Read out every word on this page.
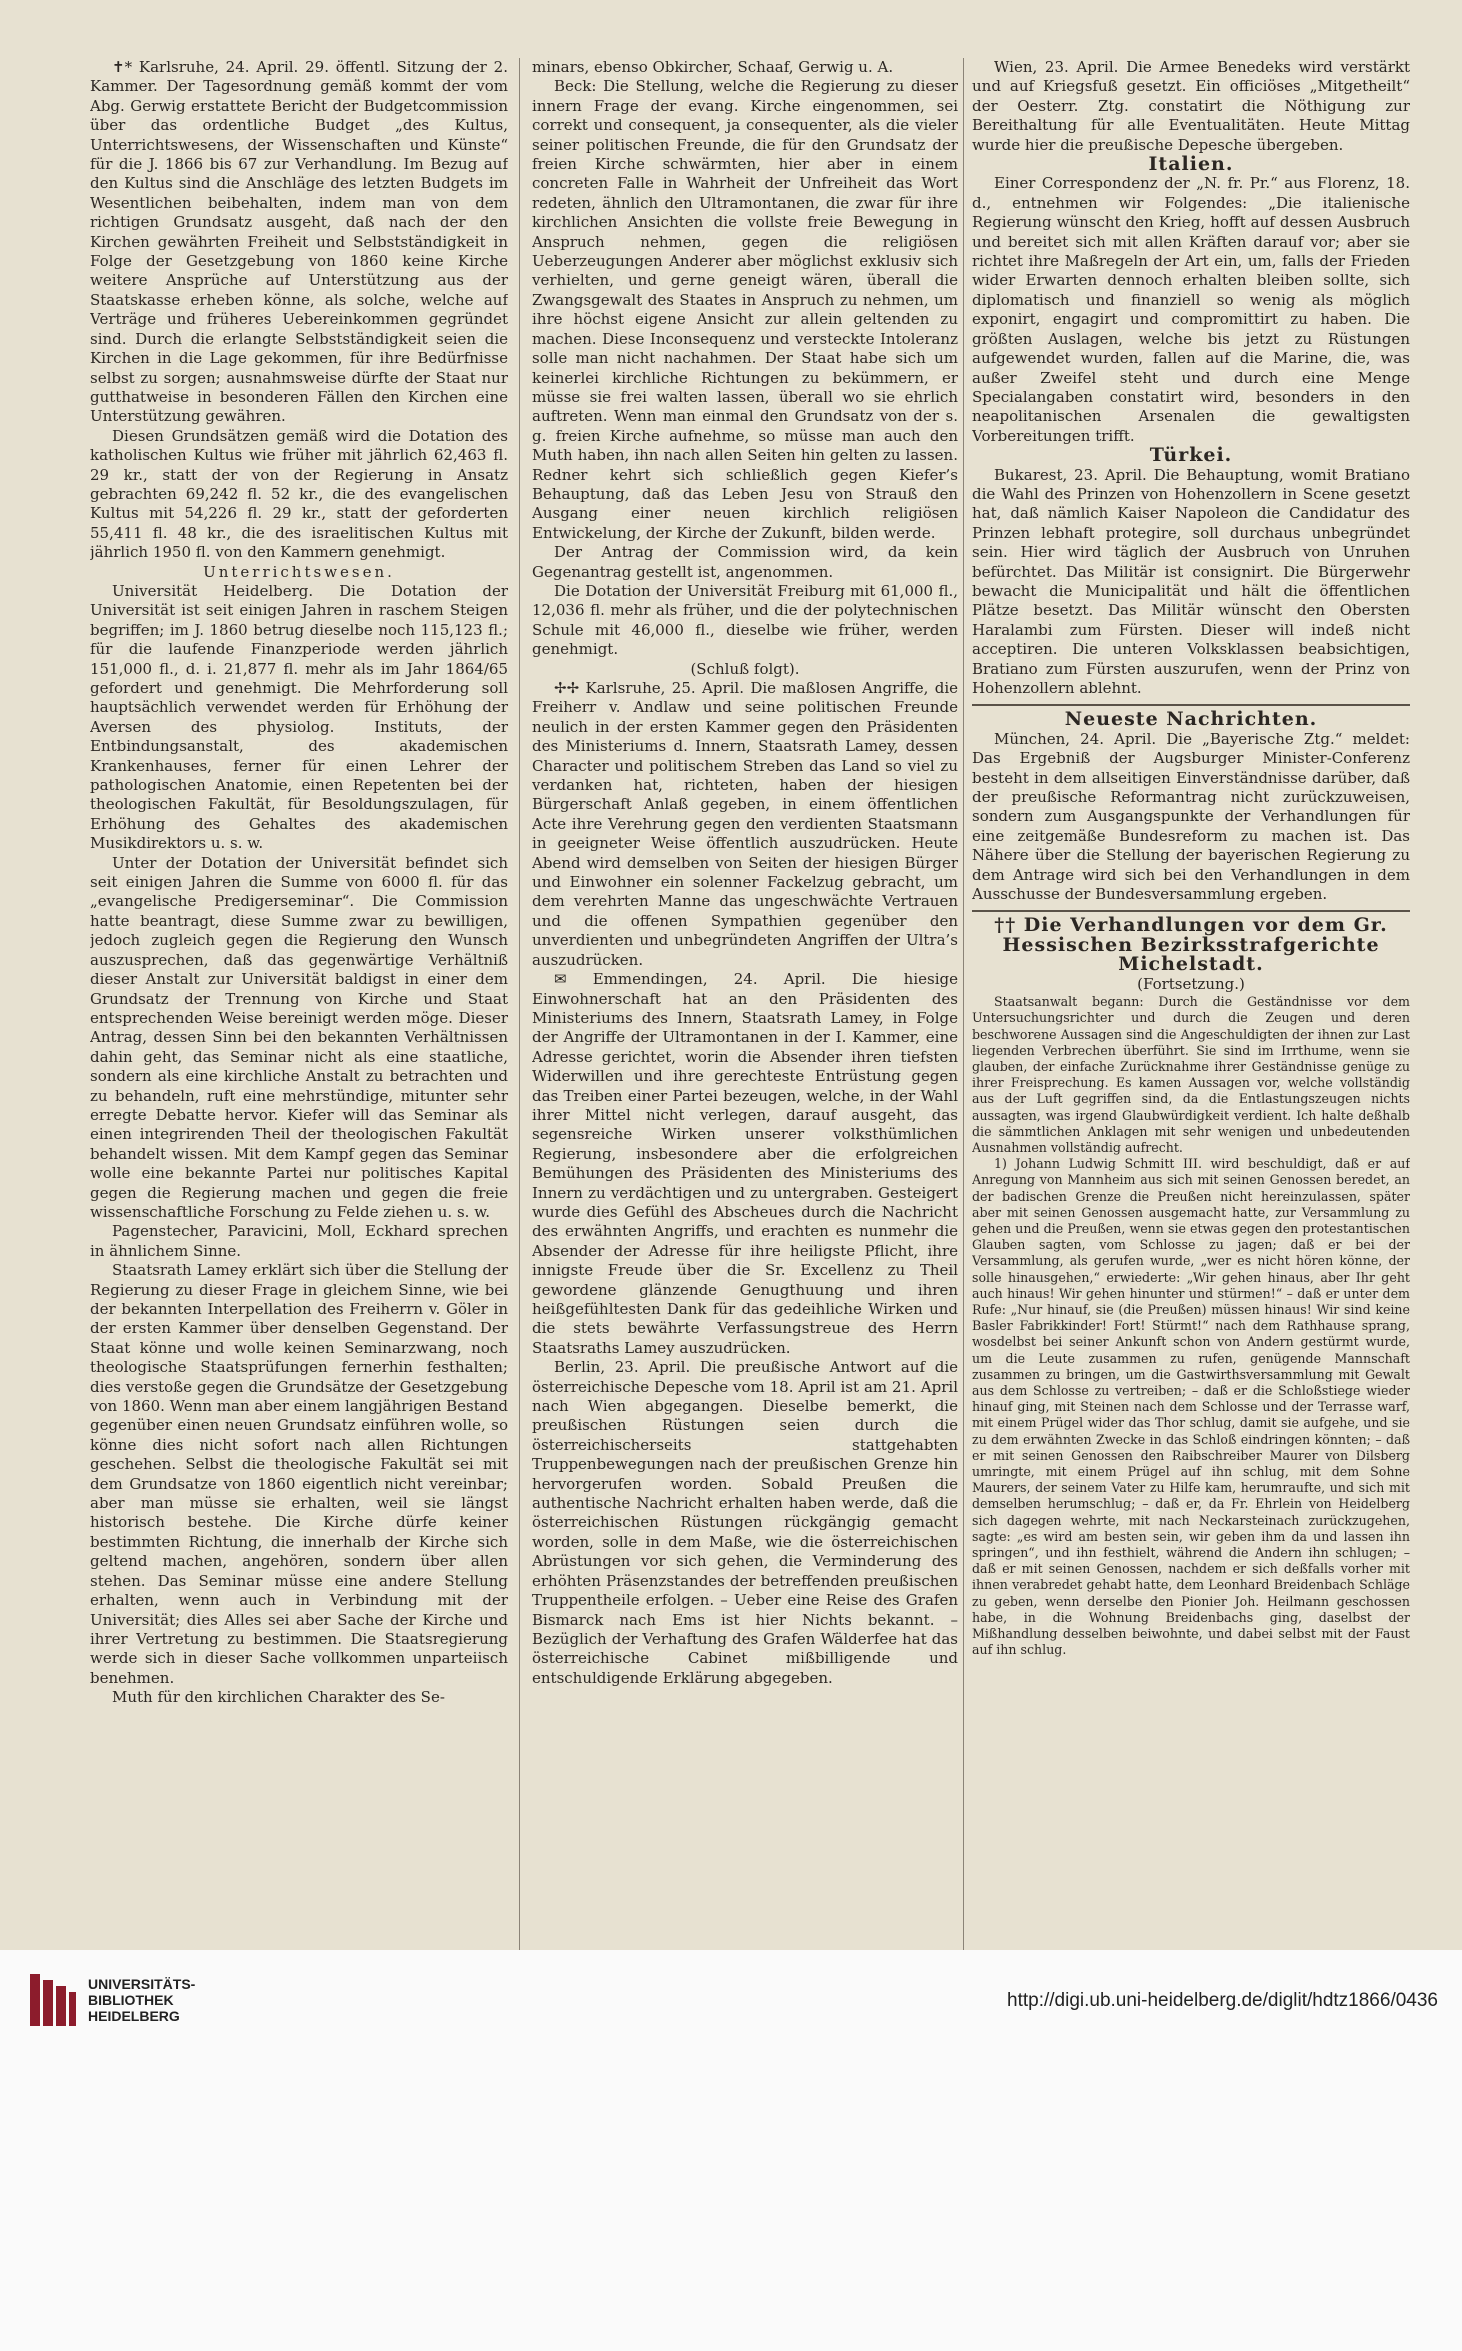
✝* Karlsruhe, 24. April. 29. öffentl. Sitzung der 2. Kammer. Der Tagesordnung gemäß kommt der vom Abg. Gerwig erstattete Bericht der Budgetcommission über das ordentliche Budget „des Kultus, Unterrichtswesens, der Wissenschaften und Künste“ für die J. 1866 bis 67 zur Verhandlung. Im Bezug auf den Kultus sind die Anschläge des letzten Budgets im Wesentlichen beibehalten, indem man von dem richtigen Grundsatz ausgeht, daß nach der den Kirchen gewährten Freiheit und Selbstständigkeit in Folge der Gesetzgebung von 1860 keine Kirche weitere Ansprüche auf Unterstützung aus der Staatskasse erheben könne, als solche, welche auf Verträge und früheres Uebereinkommen gegründet sind. Durch die erlangte Selbstständigkeit seien die Kirchen in die Lage gekommen, für ihre Bedürfnisse selbst zu sorgen; ausnahmsweise dürfte der Staat nur gutthatweise in besonderen Fällen den Kirchen eine Unterstützung gewähren.

Diesen Grundsätzen gemäß wird die Dotation des katholischen Kultus wie früher mit jährlich 62,463 fl. 29 kr., statt der von der Regierung in Ansatz gebrachten 69,242 fl. 52 kr., die des evangelischen Kultus mit 54,226 fl. 29 kr., statt der geforderten 55,411 fl. 48 kr., die des israelitischen Kultus mit jährlich 1950 fl. von den Kammern genehmigt.

Unterrichtswesen.

Universität Heidelberg. Die Dotation der Universität ist seit einigen Jahren in raschem Steigen begriffen; im J. 1860 betrug dieselbe noch 115,123 fl.; für die laufende Finanzperiode werden jährlich 151,000 fl., d. i. 21,877 fl. mehr als im Jahr 1864/65 gefordert und genehmigt. Die Mehrforderung soll hauptsächlich verwendet werden für Erhöhung der Aversen des physiolog. Instituts, der Entbindungsanstalt, des akademischen Krankenhauses, ferner für einen Lehrer der pathologischen Anatomie, einen Repetenten bei der theologischen Fakultät, für Besoldungszulagen, für Erhöhung des Gehaltes des akademischen Musikdirektors u. s. w.

Unter der Dotation der Universität befindet sich seit einigen Jahren die Summe von 6000 fl. für das „evangelische Predigerseminar“. Die Commission hatte beantragt, diese Summe zwar zu bewilligen, jedoch zugleich gegen die Regierung den Wunsch auszusprechen, daß das gegenwärtige Verhältniß dieser Anstalt zur Universität baldigst in einer dem Grundsatz der Trennung von Kirche und Staat entsprechenden Weise bereinigt werden möge. Dieser Antrag, dessen Sinn bei den bekannten Verhältnissen dahin geht, das Seminar nicht als eine staatliche, sondern als eine kirchliche Anstalt zu betrachten und zu behandeln, ruft eine mehrstündige, mitunter sehr erregte Debatte hervor. Kiefer will das Seminar als einen integrirenden Theil der theologischen Fakultät behandelt wissen. Mit dem Kampf gegen das Seminar wolle eine bekannte Partei nur politisches Kapital gegen die Regierung machen und gegen die freie wissenschaftliche Forschung zu Felde ziehen u. s. w.

Pagenstecher, Paravicini, Moll, Eckhard sprechen in ähnlichem Sinne.

Staatsrath Lamey erklärt sich über die Stellung der Regierung zu dieser Frage in gleichem Sinne, wie bei der bekannten Interpellation des Freiherrn v. Göler in der ersten Kammer über denselben Gegenstand. Der Staat könne und wolle keinen Seminarzwang, noch theologische Staatsprüfungen fernerhin festhalten; dies verstoße gegen die Grundsätze der Gesetzgebung von 1860. Wenn man aber einem langjährigen Bestand gegenüber einen neuen Grundsatz einführen wolle, so könne dies nicht sofort nach allen Richtungen geschehen. Selbst die theologische Fakultät sei mit dem Grundsatze von 1860 eigentlich nicht vereinbar; aber man müsse sie erhalten, weil sie längst historisch bestehe. Die Kirche dürfe keiner bestimmten Richtung, die innerhalb der Kirche sich geltend machen, angehören, sondern über allen stehen. Das Seminar müsse eine andere Stellung erhalten, wenn auch in Verbindung mit der Universität; dies Alles sei aber Sache der Kirche und ihrer Vertretung zu bestimmen. Die Staatsregierung werde sich in dieser Sache vollkommen unparteiisch benehmen.

Muth für den kirchlichen Charakter des Se-

minars, ebenso Obkircher, Schaaf, Gerwig u. A.

Beck: Die Stellung, welche die Regierung zu dieser innern Frage der evang. Kirche eingenommen, sei correkt und consequent, ja consequenter, als die vieler seiner politischen Freunde, die für den Grundsatz der freien Kirche schwärmten, hier aber in einem concreten Falle in Wahrheit der Unfreiheit das Wort redeten, ähnlich den Ultramontanen, die zwar für ihre kirchlichen Ansichten die vollste freie Bewegung in Anspruch nehmen, gegen die religiösen Ueberzeugungen Anderer aber möglichst exklusiv sich verhielten, und gerne geneigt wären, überall die Zwangsgewalt des Staates in Anspruch zu nehmen, um ihre höchst eigene Ansicht zur allein geltenden zu machen. Diese Inconsequenz und versteckte Intoleranz solle man nicht nachahmen. Der Staat habe sich um keinerlei kirchliche Richtungen zu bekümmern, er müsse sie frei walten lassen, überall wo sie ehrlich auftreten. Wenn man einmal den Grundsatz von der s. g. freien Kirche aufnehme, so müsse man auch den Muth haben, ihn nach allen Seiten hin gelten zu lassen. Redner kehrt sich schließlich gegen Kiefer’s Behauptung, daß das Leben Jesu von Strauß den Ausgang einer neuen kirchlich religiösen Entwickelung, der Kirche der Zukunft, bilden werde.

Der Antrag der Commission wird, da kein Gegenantrag gestellt ist, angenommen.

Die Dotation der Universität Freiburg mit 61,000 fl., 12,036 fl. mehr als früher, und die der polytechnischen Schule mit 46,000 fl., dieselbe wie früher, werden genehmigt.

(Schluß folgt).

✢✢ Karlsruhe, 25. April. Die maßlosen Angriffe, die Freiherr v. Andlaw und seine politischen Freunde neulich in der ersten Kammer gegen den Präsidenten des Ministeriums d. Innern, Staatsrath Lamey, dessen Character und politischem Streben das Land so viel zu verdanken hat, richteten, haben der hiesigen Bürgerschaft Anlaß gegeben, in einem öffentlichen Acte ihre Verehrung gegen den verdienten Staatsmann in geeigneter Weise öffentlich auszudrücken. Heute Abend wird demselben von Seiten der hiesigen Bürger und Einwohner ein solenner Fackelzug gebracht, um dem verehrten Manne das ungeschwächte Vertrauen und die offenen Sympathien gegenüber den unverdienten und unbegründeten Angriffen der Ultra’s auszudrücken.

✉ Emmendingen, 24. April. Die hiesige Einwohnerschaft hat an den Präsidenten des Ministeriums des Innern, Staatsrath Lamey, in Folge der Angriffe der Ultramontanen in der I. Kammer, eine Adresse gerichtet, worin die Absender ihren tiefsten Widerwillen und ihre gerechteste Entrüstung gegen das Treiben einer Partei bezeugen, welche, in der Wahl ihrer Mittel nicht verlegen, darauf ausgeht, das segensreiche Wirken unserer volksthümlichen Regierung, insbesondere aber die erfolgreichen Bemühungen des Präsidenten des Ministeriums des Innern zu verdächtigen und zu untergraben. Gesteigert wurde dies Gefühl des Abscheues durch die Nachricht des erwähnten Angriffs, und erachten es nunmehr die Absender der Adresse für ihre heiligste Pflicht, ihre innigste Freude über die Sr. Excellenz zu Theil gewordene glänzende Genugthuung und ihren heißgefühltesten Dank für das gedeihliche Wirken und die stets bewährte Verfassungstreue des Herrn Staatsraths Lamey auszudrücken.

Berlin, 23. April. Die preußische Antwort auf die österreichische Depesche vom 18. April ist am 21. April nach Wien abgegangen. Dieselbe bemerkt, die preußischen Rüstungen seien durch die österreichischerseits stattgehabten Truppenbewegungen nach der preußischen Grenze hin hervorgerufen worden. Sobald Preußen die authentische Nachricht erhalten haben werde, daß die österreichischen Rüstungen rückgängig gemacht worden, solle in dem Maße, wie die österreichischen Abrüstungen vor sich gehen, die Verminderung des erhöhten Präsenzstandes der betreffenden preußischen Truppentheile erfolgen. – Ueber eine Reise des Grafen Bismarck nach Ems ist hier Nichts bekannt. – Bezüglich der Verhaftung des Grafen Wälderfee hat das österreichische Cabinet mißbilligende und entschuldigende Erklärung abgegeben.

Wien, 23. April. Die Armee Benedeks wird verstärkt und auf Kriegsfuß gesetzt. Ein officiöses „Mitgetheilt“ der Oesterr. Ztg. constatirt die Nöthigung zur Bereithaltung für alle Eventualitäten. Heute Mittag wurde hier die preußische Depesche übergeben.

Italien.

Einer Correspondenz der „N. fr. Pr.“ aus Florenz, 18. d., entnehmen wir Folgendes: „Die italienische Regierung wünscht den Krieg, hofft auf dessen Ausbruch und bereitet sich mit allen Kräften darauf vor; aber sie richtet ihre Maßregeln der Art ein, um, falls der Frieden wider Erwarten dennoch erhalten bleiben sollte, sich diplomatisch und finanziell so wenig als möglich exponirt, engagirt und compromittirt zu haben. Die größten Auslagen, welche bis jetzt zu Rüstungen aufgewendet wurden, fallen auf die Marine, die, was außer Zweifel steht und durch eine Menge Specialangaben constatirt wird, besonders in den neapolitanischen Arsenalen die gewaltigsten Vorbereitungen trifft.

Türkei.

Bukarest, 23. April. Die Behauptung, womit Bratiano die Wahl des Prinzen von Hohenzollern in Scene gesetzt hat, daß nämlich Kaiser Napoleon die Candidatur des Prinzen lebhaft protegire, soll durchaus unbegründet sein. Hier wird täglich der Ausbruch von Unruhen befürchtet. Das Militär ist consignirt. Die Bürgerwehr bewacht die Municipalität und hält die öffentlichen Plätze besetzt. Das Militär wünscht den Obersten Haralambi zum Fürsten. Dieser will indeß nicht acceptiren. Die unteren Volksklassen beabsichtigen, Bratiano zum Fürsten auszurufen, wenn der Prinz von Hohenzollern ablehnt.

Neueste Nachrichten.

München, 24. April. Die „Bayerische Ztg.“ meldet: Das Ergebniß der Augsburger Minister-Conferenz besteht in dem allseitigen Einverständnisse darüber, daß der preußische Reformantrag nicht zurückzuweisen, sondern zum Ausgangspunkte der Verhandlungen für eine zeitgemäße Bundesreform zu machen ist. Das Nähere über die Stellung der bayerischen Regierung zu dem Antrage wird sich bei den Verhandlungen in dem Ausschusse der Bundesversammlung ergeben.

†† Die Verhandlungen vor dem Gr. Hessischen Bezirksstrafgerichte Michelstadt.

(Fortsetzung.)

Staatsanwalt begann: Durch die Geständnisse vor dem Untersuchungsrichter und durch die Zeugen und deren beschworene Aussagen sind die Angeschuldigten der ihnen zur Last liegenden Verbrechen überführt. Sie sind im Irrthume, wenn sie glauben, der einfache Zurücknahme ihrer Geständnisse genüge zu ihrer Freisprechung. Es kamen Aussagen vor, welche vollständig aus der Luft gegriffen sind, da die Entlastungszeugen nichts aussagten, was irgend Glaubwürdigkeit verdient. Ich halte deßhalb die sämmtlichen Anklagen mit sehr wenigen und unbedeutenden Ausnahmen vollständig aufrecht.

1) Johann Ludwig Schmitt III. wird beschuldigt, daß er auf Anregung von Mannheim aus sich mit seinen Genossen beredet, an der badischen Grenze die Preußen nicht hereinzulassen, später aber mit seinen Genossen ausgemacht hatte, zur Versammlung zu gehen und die Preußen, wenn sie etwas gegen den protestantischen Glauben sagten, vom Schlosse zu jagen; daß er bei der Versammlung, als gerufen wurde, „wer es nicht hören könne, der solle hinausgehen,“ erwiederte: „Wir gehen hinaus, aber Ihr geht auch hinaus! Wir gehen hinunter und stürmen!“ – daß er unter dem Rufe: „Nur hinauf, sie (die Preußen) müssen hinaus! Wir sind keine Basler Fabrikkinder! Fort! Stürmt!“ nach dem Rathhause sprang, wosdelbst bei seiner Ankunft schon von Andern gestürmt wurde, um die Leute zusammen zu rufen, genügende Mannschaft zusammen zu bringen, um die Gastwirthsversammlung mit Gewalt aus dem Schlosse zu vertreiben; – daß er die Schloßstiege wieder hinauf ging, mit Steinen nach dem Schlosse und der Terrasse warf, mit einem Prügel wider das Thor schlug, damit sie aufgehe, und sie zu dem erwähnten Zwecke in das Schloß eindringen könnten; – daß er mit seinen Genossen den Raibschreiber Maurer von Dilsberg umringte, mit einem Prügel auf ihn schlug, mit dem Sohne Maurers, der seinem Vater zu Hilfe kam, herumraufte, und sich mit demselben herumschlug; – daß er, da Fr. Ehrlein von Heidelberg sich dagegen wehrte, mit nach Neckarsteinach zurückzugehen, sagte: „es wird am besten sein, wir geben ihm da und lassen ihn springen“, und ihn festhielt, während die Andern ihn schlugen; – daß er mit seinen Genossen, nachdem er sich deßfalls vorher mit ihnen verabredet gehabt hatte, dem Leonhard Breidenbach Schläge zu geben, wenn derselbe den Pionier Joh. Heilmann geschossen habe, in die Wohnung Breidenbachs ging, daselbst der Mißhandlung desselben beiwohnte, und dabei selbst mit der Faust auf ihn schlug.

UNIVERSITÄTS-
BIBLIOTHEK
HEIDELBERG
http://digi.ub.uni-heidelberg.de/diglit/hdtz1866/0436
